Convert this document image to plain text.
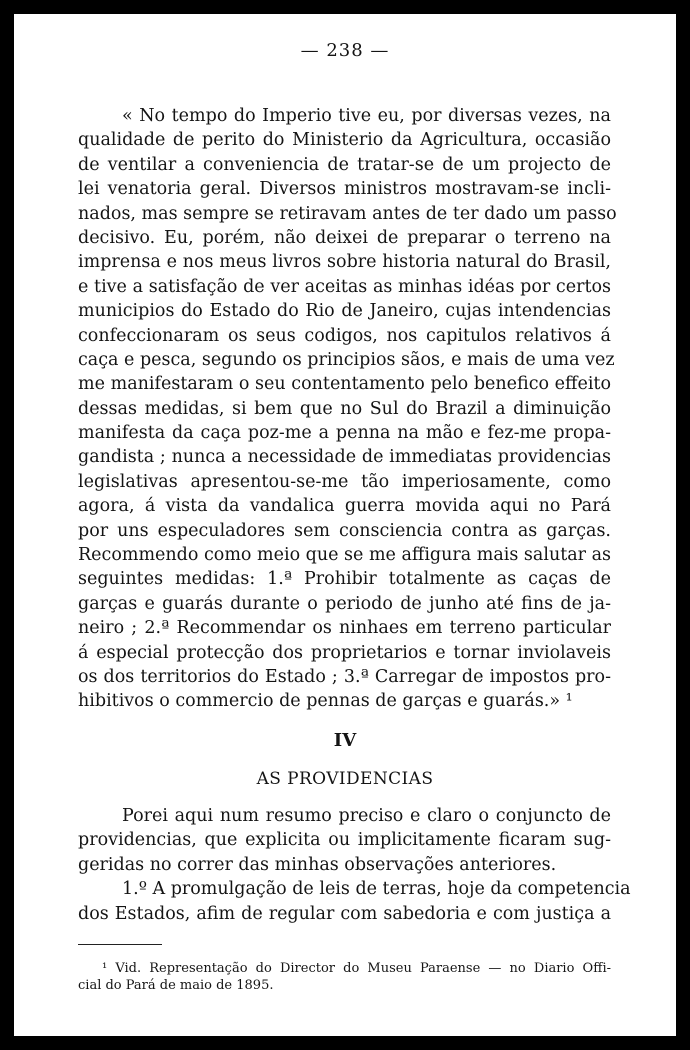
— 238 —
« No tempo do Imperio tive eu, por diversas vezes, na
qualidade de perito do Ministerio da Agricultura, occasião
de ventilar a conveniencia de tratar-se de um projecto de
lei venatoria geral. Diversos ministros mostravam-se incli-
nados, mas sempre se retiravam antes de ter dado um passo
decisivo. Eu, porém, não deixei de preparar o terreno na
imprensa e nos meus livros sobre historia natural do Brasil,
e tive a satisfação de ver aceitas as minhas idéas por certos
municipios do Estado do Rio de Janeiro, cujas intendencias
confeccionaram os seus codigos, nos capitulos relativos á
caça e pesca, segundo os principios sãos, e mais de uma vez
me manifestaram o seu contentamento pelo benefico effeito
dessas medidas, si bem que no Sul do Brazil a diminuição
manifesta da caça poz-me a penna na mão e fez-me propa-
gandista ; nunca a necessidade de immediatas providencias
legislativas apresentou-se-me tão imperiosamente, como
agora, á vista da vandalica guerra movida aqui no Pará
por uns especuladores sem consciencia contra as garças.
Recommendo como meio que se me affigura mais salutar as
seguintes medidas: 1.ª Prohibir totalmente as caças de
garças e guarás durante o periodo de junho até fins de ja-
neiro ; 2.ª Recommendar os ninhaes em terreno particular
á especial protecção dos proprietarios e tornar inviolaveis
os dos territorios do Estado ; 3.ª Carregar de impostos pro-
hibitivos o commercio de pennas de garças e guarás.» ¹
IV
AS PROVIDENCIAS
Porei aqui num resumo preciso e claro o conjuncto de
providencias, que explicita ou implicitamente ficaram sug-
geridas no correr das minhas observações anteriores.
1.º A promulgação de leis de terras, hoje da competencia
dos Estados, afim de regular com sabedoria e com justiça a
¹ Vid. Representação do Director do Museu Paraense — no Diario Offi-
cial do Pará de maio de 1895.
